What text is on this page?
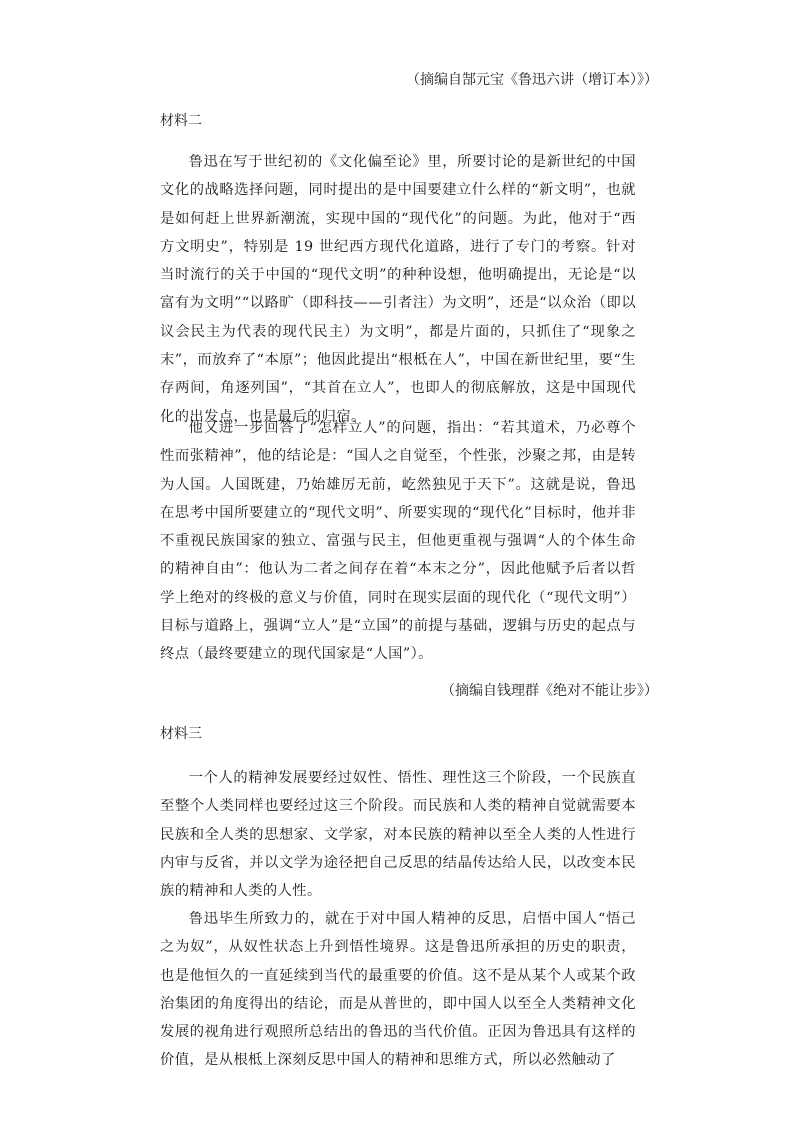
（摘编自郜元宝《鲁迅六讲（增订本）》）
材料二

鲁迅在写于世纪初的《文化偏至论》里，所要讨论的是新世纪的中国文化的战略选择问题，同时提出的是中国要建立什么样的“新文明”，也就是如何赶上世界新潮流，实现中国的“现代化”的问题。为此，他对于“西方文明史”，特别是 19 世纪西方现代化道路，进行了专门的考察。针对当时流行的关于中国的“现代文明”的种种设想，他明确提出，无论是“以富有为文明”“以路旷（即科技——引者注）为文明”，还是“以众治（即以议会民主为代表的现代民主）为文明”，都是片面的，只抓住了“现象之末”，而放弃了“本原”；他因此提出“根柢在人”，中国在新世纪里，要“生存两间，角逐列国”，“其首在立人”，也即人的彻底解放，这是中国现代化的出发点，也是最后的归宿。

他又进一步回答了“怎样立人”的问题，指出：“若其道术，乃必尊个性而张精神”，他的结论是：“国人之自觉至，个性张，沙聚之邦，由是转为人国。人国既建，乃始雄厉无前，屹然独见于天下”。这就是说，鲁迅在思考中国所要建立的“现代文明”、所要实现的“现代化”目标时，他并非不重视民族国家的独立、富强与民主，但他更重视与强调“人的个体生命的精神自由”：他认为二者之间存在着“本末之分”，因此他赋予后者以哲学上绝对的终极的意义与价值，同时在现实层面的现代化（“现代文明”）目标与道路上，强调“立人”是“立国”的前提与基础，逻辑与历史的起点与终点（最终要建立的现代国家是“人国”）。

（摘编自钱理群《绝对不能让步》）
材料三

一个人的精神发展要经过奴性、悟性、理性这三个阶段，一个民族直至整个人类同样也要经过这三个阶段。而民族和人类的精神自觉就需要本民族和全人类的思想家、文学家，对本民族的精神以至全人类的人性进行内审与反省，并以文学为途径把自己反思的结晶传达给人民，以改变本民族的精神和人类的人性。

鲁迅毕生所致力的，就在于对中国人精神的反思，启悟中国人“悟己之为奴”，从奴性状态上升到悟性境界。这是鲁迅所承担的历史的职责，也是他恒久的一直延续到当代的最重要的价值。这不是从某个人或某个政治集团的角度得出的结论，而是从普世的，即中国人以至全人类精神文化发展的视角进行观照所总结出的鲁迅的当代价值。正因为鲁迅具有这样的价值，是从根柢上深刻反思中国人的精神和思维方式，所以必然触动了
